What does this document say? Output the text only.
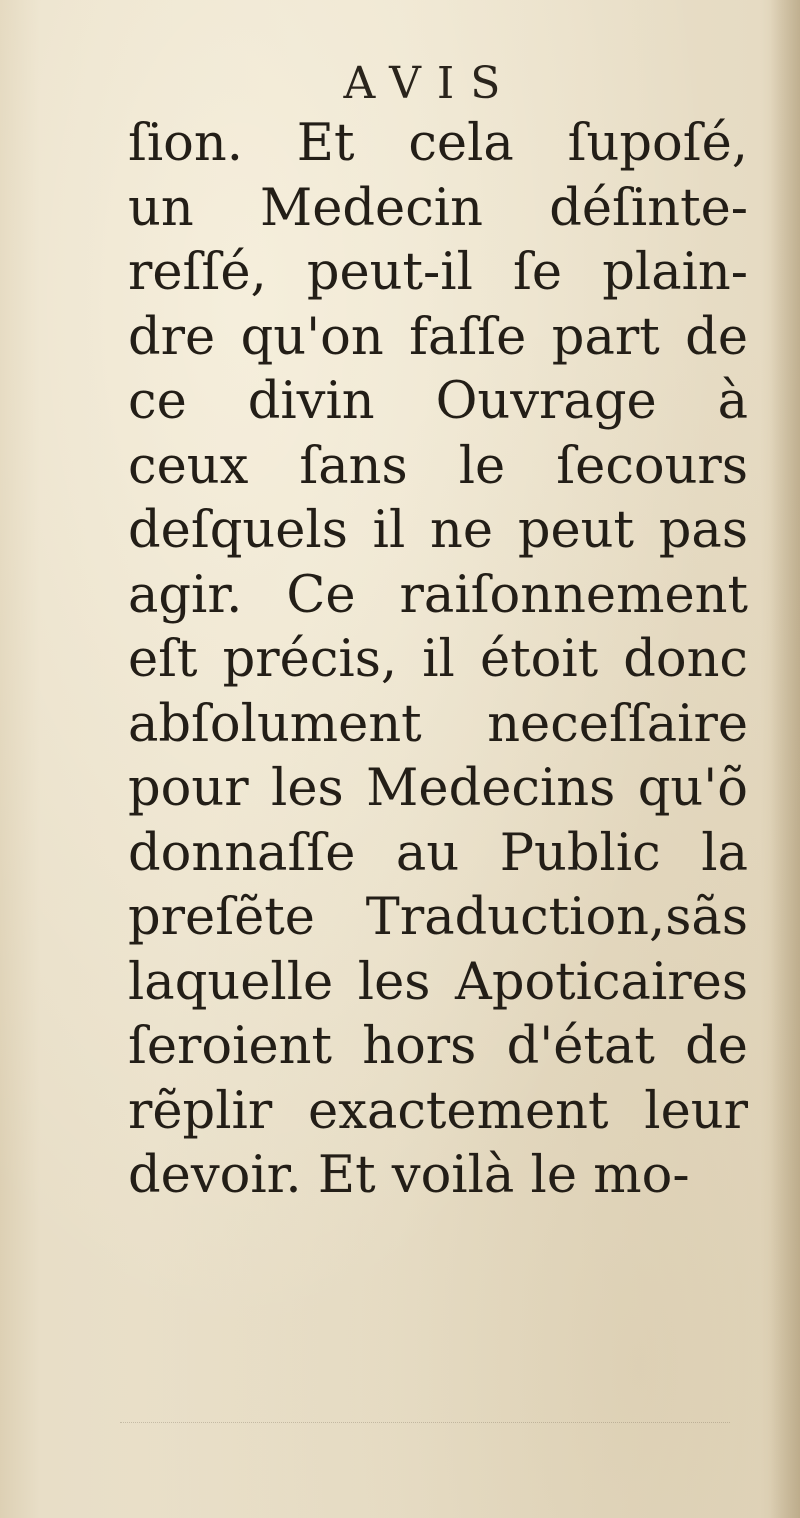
AVIS
ſion. Et cela ſupoſé,
un Medecin déſinte-
reſſé, peut-il ſe plain-
dre qu'on faſſe part de
ce divin Ouvrage à
ceux ſans le ſecours
deſquels il ne peut pas
agir. Ce raiſonnement
eſt précis, il étoit donc
abſolument neceſſaire
pour les Medecins qu'õ
donnaſſe au Public la
preſẽte Traduction,sãs
laquelle les Apoticaires
ſeroient hors d'état de
rẽplir exactement leur
devoir. Et voilà le mo-
